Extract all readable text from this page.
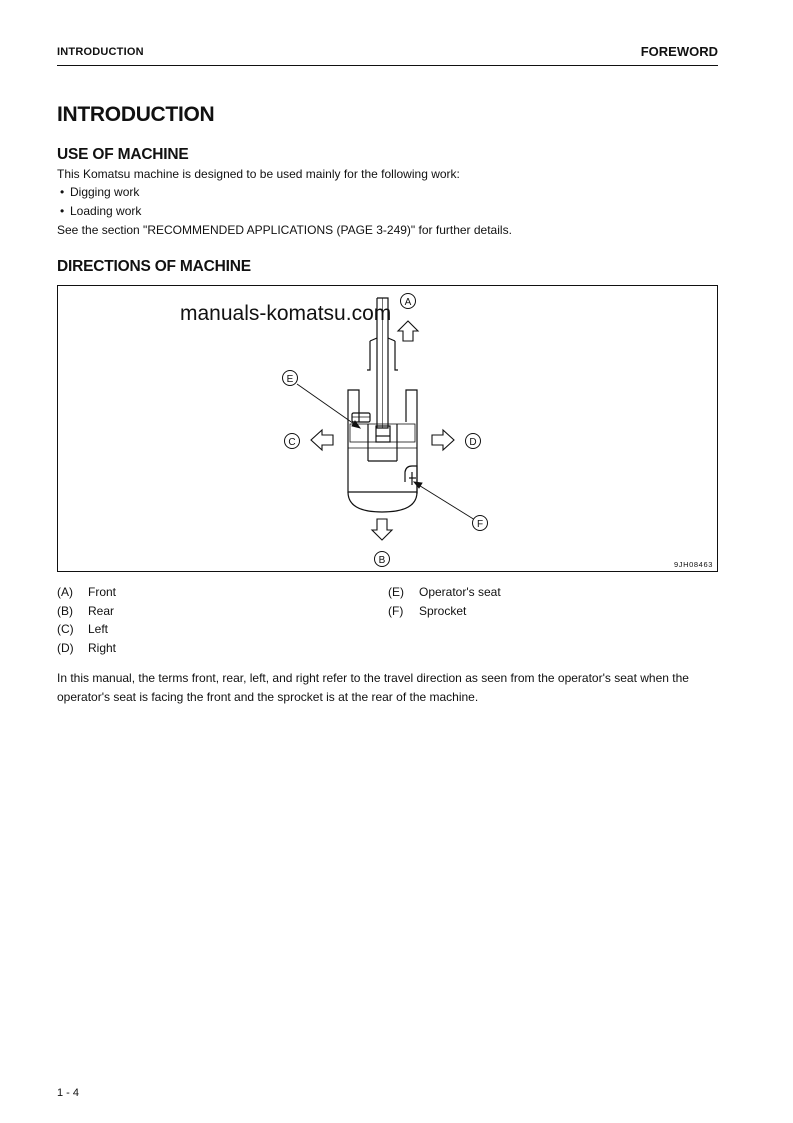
INTRODUCTION	FOREWORD
INTRODUCTION
USE OF MACHINE
This Komatsu machine is designed to be used mainly for the following work:
• Digging work
• Loading work
See the section "RECOMMENDED APPLICATIONS (PAGE 3-249)" for further details.
DIRECTIONS OF MACHINE
A
B
C	D
E
F
manuals-komatsu.com
9JH08463
(A) Front
(B) Rear
(C) Left
(D) Right
(E) Operator's seat
(F) Sprocket
In this manual, the terms front, rear, left, and right refer to the travel direction as seen from the operator's seat when the operator's seat is facing the front and the sprocket is at the rear of the machine.
1 - 4
